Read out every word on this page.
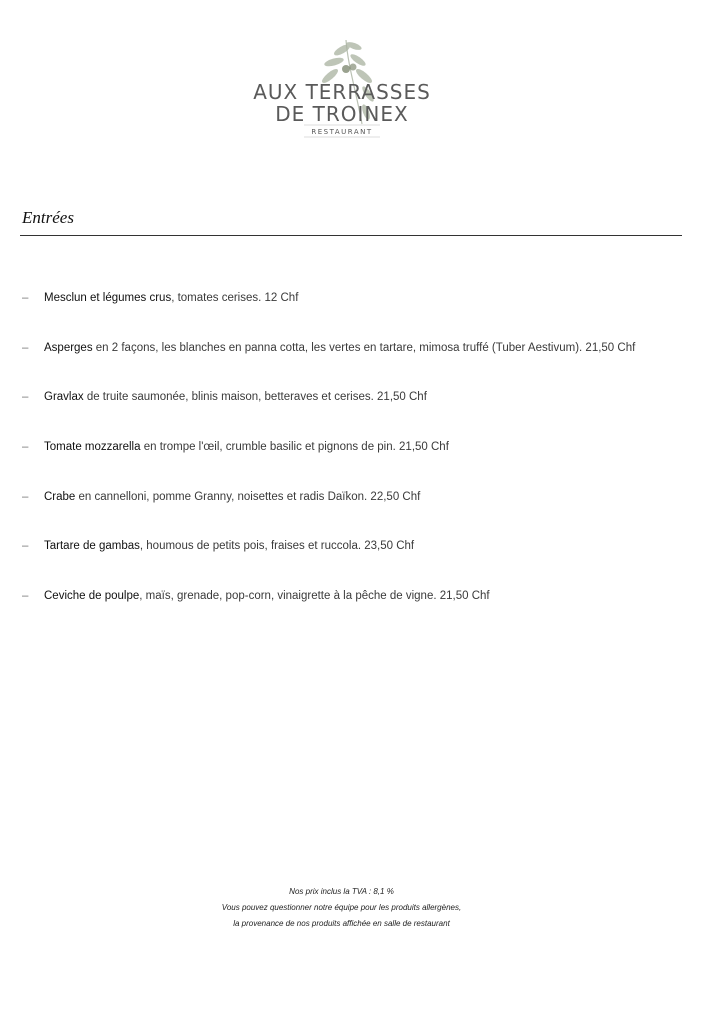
AUX TERRASSES
DE TROINEX
RESTAURANT
Entrées
– Mesclun et légumes crus, tomates cerises. 12 Chf
– Asperges en 2 façons, les blanches en panna cotta, les vertes en tartare, mimosa truffé (Tuber Aestivum). 21,50 Chf
– Gravlax de truite saumonée, blinis maison, betteraves et cerises. 21,50 Chf
– Tomate mozzarella en trompe l'œil, crumble basilic et pignons de pin. 21,50 Chf
– Crabe en cannelloni, pomme Granny, noisettes et radis Daïkon. 22,50 Chf
– Tartare de gambas, houmous de petits pois, fraises et ruccola. 23,50 Chf
– Ceviche de poulpe, maïs, grenade, pop-corn, vinaigrette à la pêche de vigne. 21,50 Chf
Nos prix inclus la TVA : 8,1 %
Vous pouvez questionner notre équipe pour les produits allergènes,
la provenance de nos produits affichée en salle de restaurant
